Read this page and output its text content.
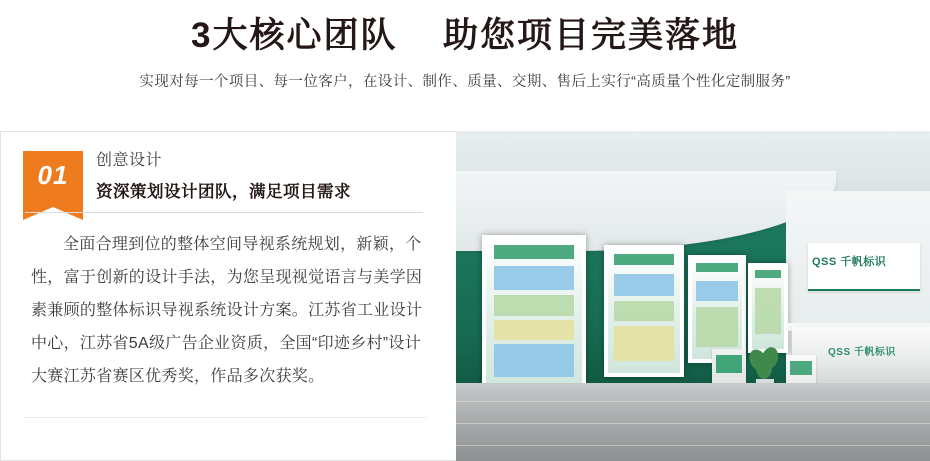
3大核心团队 助您项目完美落地
实现对每一个项目、每一位客户，在设计、制作、质量、交期、售后上实行“高质量个性化定制服务”
01	创意设计
资深策划设计团队，满足项目需求
全面合理到位的整体空间导视系统规划，新颖，个性，富于创新的设计手法，为您呈现视觉语言与美学因素兼顾的整体标识导视系统设计方案。江苏省工业设计中心，江苏省5A级广告企业资质，全国“印迹乡村”设计大赛江苏省赛区优秀奖，作品多次获奖。
QSS 千帆标识
QSS 千帆标识
